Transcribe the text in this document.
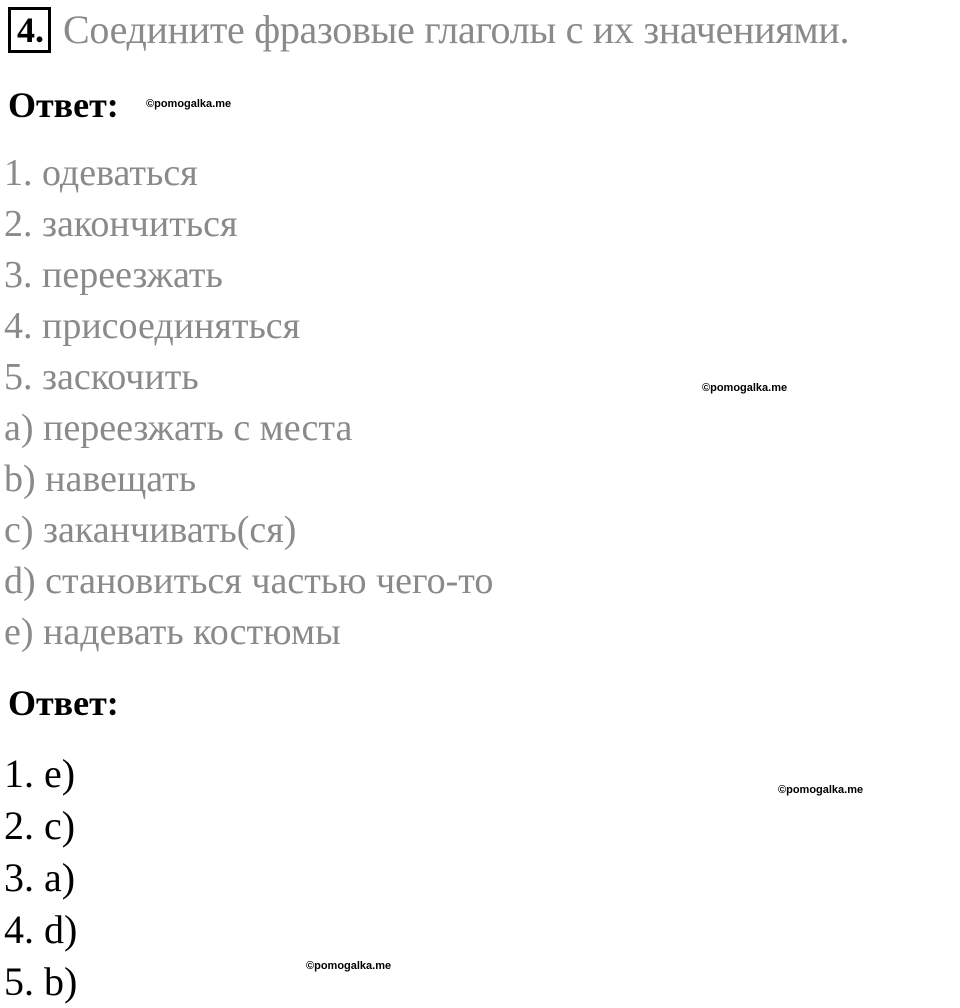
4. Соедините фразовые глаголы с их значениями.
Ответ: ©pomogalka.me
1. одеваться
2. закончиться
3. переезжать
4. присоединяться
5. заскочить
a) переезжать с места
b) навещать
c) заканчивать(ся)
d) становиться частью чего-то
e) надевать костюмы
©pomogalka.me
Ответ:
1. e)
2. c)
3. a)
4. d)
5. b)
©pomogalka.me
©pomogalka.me
